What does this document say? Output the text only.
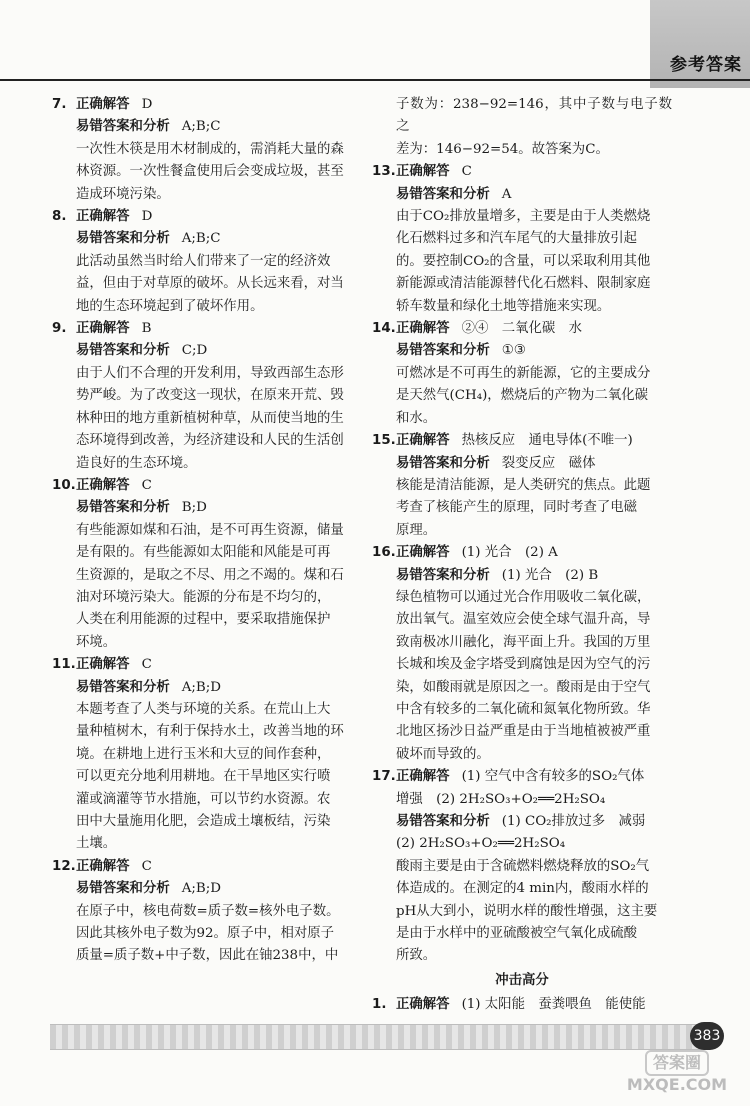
参考答案
7. 正确解答 D
易错答案和分析 A;B;C
一次性木筷是用木材制成的，需消耗大量的森
林资源。一次性餐盒使用后会变成垃圾，甚至
造成环境污染。
8. 正确解答 D
易错答案和分析 A;B;C
此活动虽然当时给人们带来了一定的经济效
益，但由于对草原的破坏。从长远来看，对当
地的生态环境起到了破坏作用。
9. 正确解答 B
易错答案和分析 C;D
由于人们不合理的开发利用，导致西部生态形
势严峻。为了改变这一现状，在原来开荒、毁
林种田的地方重新植树种草，从而使当地的生
态环境得到改善，为经济建设和人民的生活创
造良好的生态环境。
10.正确解答 C
易错答案和分析 B;D
有些能源如煤和石油，是不可再生资源，储量
是有限的。有些能源如太阳能和风能是可再
生资源的，是取之不尽、用之不竭的。煤和石
油对环境污染大。能源的分布是不均匀的，
人类在利用能源的过程中，要采取措施保护
环境。
11.正确解答 C
易错答案和分析 A;B;D
本题考查了人类与环境的关系。在荒山上大
量种植树木，有利于保持水土，改善当地的环
境。在耕地上进行玉米和大豆的间作套种，
可以更充分地利用耕地。在干旱地区实行喷
灌或滴灌等节水措施，可以节约水资源。农
田中大量施用化肥，会造成土壤板结，污染
土壤。
12.正确解答 C
易错答案和分析 A;B;D
在原子中，核电荷数=质子数=核外电子数。
因此其核外电子数为92。原子中，相对原子
质量=质子数+中子数，因此在铀238中，中
子数为：238−92=146，其中子数与电子数之
差为：146−92=54。故答案为C。
13.正确解答 C
易错答案和分析 A
由于CO₂排放量增多，主要是由于人类燃烧
化石燃料过多和汽车尾气的大量排放引起
的。要控制CO₂的含量，可以采取利用其他
新能源或清洁能源替代化石燃料、限制家庭
轿车数量和绿化土地等措施来实现。
14.正确解答 ②④　二氧化碳　水
易错答案和分析 ①③
可燃冰是不可再生的新能源，它的主要成分
是天然气(CH₄)，燃烧后的产物为二氧化碳
和水。
15.正确解答 热核反应　通电导体(不唯一)
易错答案和分析 裂变反应　磁体
核能是清洁能源，是人类研究的焦点。此题
考查了核能产生的原理，同时考查了电磁
原理。
16.正确解答 (1) 光合　(2) A
易错答案和分析 (1) 光合　(2) B
绿色植物可以通过光合作用吸收二氧化碳，
放出氧气。温室效应会使全球气温升高，导
致南极冰川融化，海平面上升。我国的万里
长城和埃及金字塔受到腐蚀是因为空气的污
染，如酸雨就是原因之一。酸雨是由于空气
中含有较多的二氧化硫和氮氧化物所致。华
北地区扬沙日益严重是由于当地植被被严重
破坏而导致的。
17.正确解答 (1) 空气中含有较多的SO₂气体
增强　(2) 2H₂SO₃+O₂══2H₂SO₄
易错答案和分析 (1) CO₂排放过多　减弱
(2) 2H₂SO₃+O₂══2H₂SO₄
酸雨主要是由于含硫燃料燃烧释放的SO₂气
体造成的。在测定的4 min内，酸雨水样的
pH从大到小，说明水样的酸性增强，这主要
是由于水样中的亚硫酸被空气氧化成硫酸
所致。
冲击高分
1. 正确解答 (1) 太阳能　蚕粪喂鱼　能使能
383
答案圈
MXQE.COM
